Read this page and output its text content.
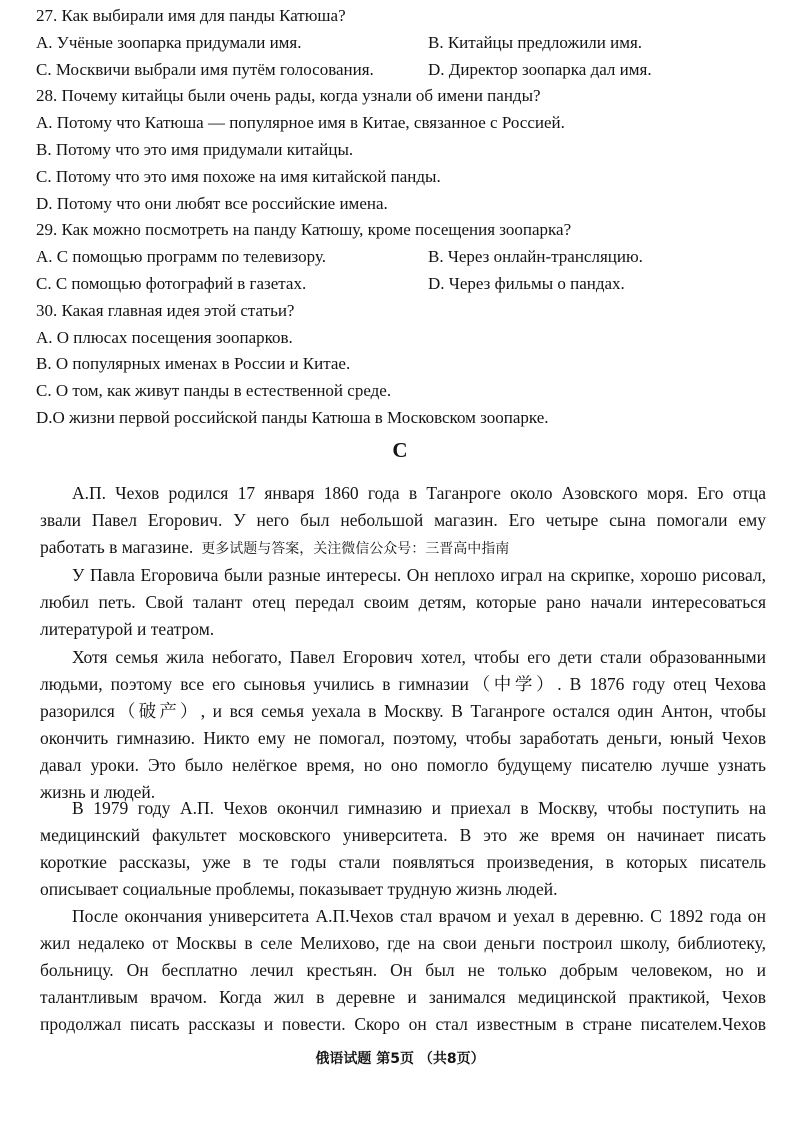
27. Как выбирали имя для панды Катюша?
A. Учёные зоопарка придумали имя.	B. Китайцы предложили имя.
C. Москвичи выбрали имя путём голосования.	D. Директор зоопарка дал имя.
28. Почему китайцы были очень рады, когда узнали об имени панды?
A. Потому что Катюша — популярное имя в Китае, связанное с Россией.
B. Потому что это имя придумали китайцы.
C. Потому что это имя похоже на имя китайской панды.
D. Потому что они любят все российские имена.
29. Как можно посмотреть на панду Катюшу, кроме посещения зоопарка?
A. С помощью программ по телевизору.	B. Через онлайн-трансляцию.
C. С помощью фотографий в газетах.	D. Через фильмы о пандах.
30. Какая главная идея этой статьи?
A. О плюсах посещения зоопарков.
B. О популярных именах в России и Китае.
C. О том, как живут панды в естественной среде.
D.О жизни первой российской панды Катюша в Московском зоопарке.
А.П. Чехов родился 17 января 1860 года в Таганроге около Азовского моря. Его отца
звали Павел Егорович. У него был небольшой магазин. Его четыре сына помогали ему
работать в магазине. 更多试题与答案，关注微信公众号：三晋高中指南
У Павла Егоровича были разные интересы. Он неплохо играл на скрипке, хорошо рисовал,
любил петь. Свой талант отец передал своим детям, которые рано начали интересоваться
литературой и театром.
Хотя семья жила небогато, Павел Егорович хотел, чтобы его дети стали образованными
людьми, поэтому все его сыновья учились в гимназии（中学）. В 1876 году отец Чехова
разорился（破产）, и вся семья уехала в Москву. В Таганроге остался один Антон, чтобы
окончить гимназию. Никто ему не помогал, поэтому, чтобы заработать деньги, юный Чехов
давал уроки. Это было нелёгкое время, но оно помогло будущему писателю лучше узнать
жизнь и людей.
В 1979 году А.П. Чехов окончил гимназию и приехал в Москву, чтобы поступить на
медицинский факультет московского университета. В это же время он начинает писать
короткие рассказы, уже в те годы стали появляться произведения, в которых писатель
описывает социальные проблемы, показывает трудную жизнь людей.
После окончания университета А.П.Чехов стал врачом и уехал в деревню. С 1892 года он
жил недалеко от Москвы в селе Мелихово, где на свои деньги построил школу, библиотеку,
больницу. Он бесплатно лечил крестьян. Он был не только добрым человеком, но и
талантливым врачом. Когда жил в деревне и занимался медицинской практикой, Чехов
продолжал писать рассказы и повести. Скоро он стал известным в стране писателем.Чехов
C
俄语试题 第5页 （共8页）
